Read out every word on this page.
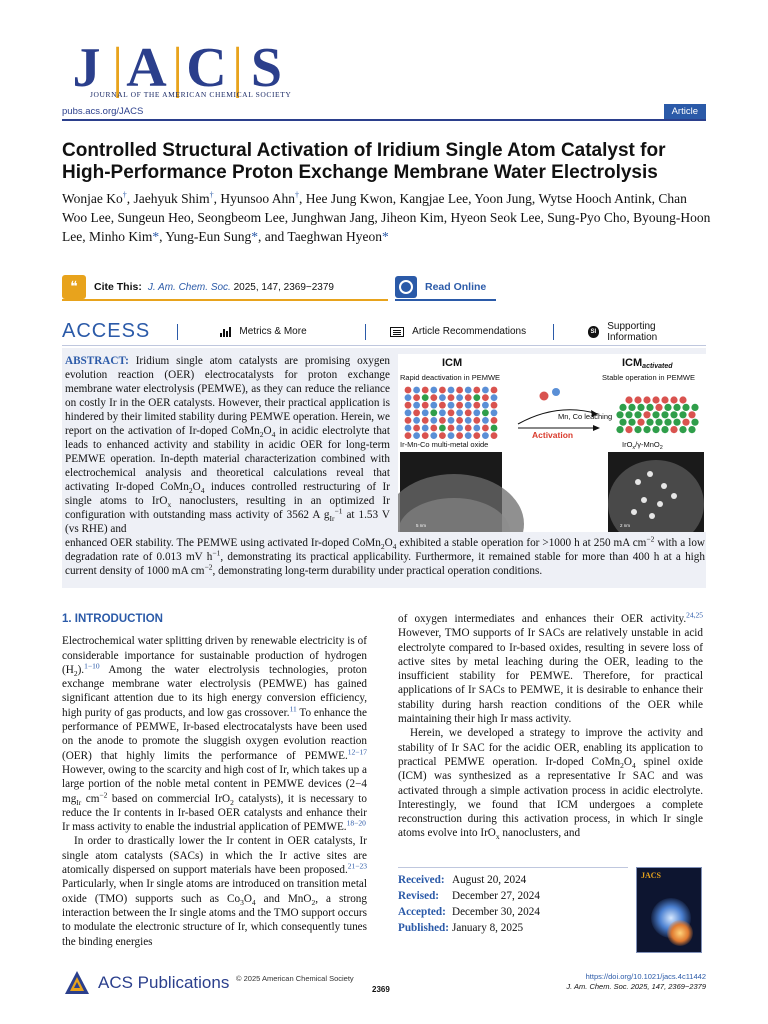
J | A | C | S
JOURNAL OF THE AMERICAN CHEMICAL SOCIETY
pubs.acs.org/JACS	Article
Controlled Structural Activation of Iridium Single Atom Catalyst for High-Performance Proton Exchange Membrane Water Electrolysis
Wonjae Ko†, Jaehyuk Shim†, Hyunsoo Ahn†, Hee Jung Kwon, Kangjae Lee, Yoon Jung, Wytse Hooch Antink, Chan Woo Lee, Sungeun Heo, Seongbeom Lee, Junghwan Jang, Jiheon Kim, Hyeon Seok Lee, Sung-Pyo Cho, Byoung-Hoon Lee, Minho Kim*, Yung-Eun Sung*, and Taeghwan Hyeon*
❝	Cite This: J. Am. Chem. Soc. 2025, 147, 2369−2379	Read Online
ACCESS	Metrics & More	Article Recommendations	SI	Supporting Information
ABSTRACT: Iridium single atom catalysts are promising oxygen evolution reaction (OER) electrocatalysts for proton exchange membrane water electrolysis (PEMWE), as they can reduce the reliance on costly Ir in the OER catalysts. However, their practical application is hindered by their limited stability during PEMWE operation. Herein, we report on the activation of Ir-doped $CoMn_2O_4$ in acidic electrolyte that leads to enhanced activity and stability in acidic OER for long-term PEMWE operation. In-depth material characterization combined with electrochemical analysis and theoretical calculations reveal that activating Ir-doped $CoMn_2O_4$ induces controlled restructuring of Ir single atoms to IrO$_x$ nanoclusters, resulting in an optimized Ir configuration with outstanding mass activity of 3562 A $g_{Ir}^{-1}$ at 1.53 V (vs RHE) and
ICM
Rapid deactivation in PEMWE
ICMactivated
Stable operation in PEMWE
Mn, Co leaching
Activation
Ir-Mn-Co multi-metal oxide	IrO$_x$/γ-MnO$_2$
5 nm	2 nm
enhanced OER stability. The PEMWE using activated Ir-doped $CoMn_2O_4$ exhibited a stable operation for >1000 h at 250 mA $cm^{-2}$ with a low degradation rate of 0.013 mV $h^{-1}$, demonstrating its practical applicability. Furthermore, it remained stable for more than 400 h at a high current density of 1000 mA $cm^{-2}$, demonstrating long-term durability under practical operation conditions.
1. INTRODUCTION

Electrochemical water splitting driven by renewable electricity is of considerable importance for sustainable production of hydrogen $(H_2).^{1-10}$ Among the water electrolysis technologies, proton exchange membrane water electrolysis (PEMWE) has gained significant attention due to its high energy conversion efficiency, high purity of gas products, and low gas crossover.$^{11}$ To enhance the performance of PEMWE, Ir-based electrocatalysts have been used on the anode to promote the sluggish oxygen evolution reaction (OER) that highly limits the performance of PEMWE.$^{12-17}$ However, owing to the scarcity and high cost of Ir, which takes up a large portion of the noble metal content in PEMWE devices (2−4 $mg_{Ir}$ $cm^{-2}$ based on commercial IrO$_2$ catalysts), it is necessary to reduce the Ir contents in Ir-based OER catalysts and enhance their Ir mass activity to enable the industrial application of PEMWE.$^{18-20}$

In order to drastically lower the Ir content in OER catalysts, Ir single atom catalysts (SACs) in which the Ir active sites are atomically dispersed on support materials have been proposed.$^{21-23}$ Particularly, when Ir single atoms are introduced on transition metal oxide (TMO) supports such as $Co_3O_4$ and MnO$_2$, a strong interaction between the Ir single atoms and the TMO support occurs to modulate the electronic structure of Ir, which consequently tunes the binding energies

of oxygen intermediates and enhances their OER activity.$^{24,25}$ However, TMO supports of Ir SACs are relatively unstable in acid electrolyte compared to Ir-based oxides, resulting in severe loss of active sites by metal leaching during the OER, leading to the insufficient stability for PEMWE. Therefore, for practical applications of Ir SACs to PEMWE, it is desirable to enhance their stability during harsh reaction conditions of the OER while maintaining their high Ir mass activity.

Herein, we developed a strategy to improve the activity and stability of Ir SAC for the acidic OER, enabling its application to practical PEMWE operation. Ir-doped $CoMn_2O_4$ spinel oxide (ICM) was synthesized as a representative Ir SAC and was activated through a simple activation process in acidic electrolyte. Interestingly, we found that ICM undergoes a complete reconstruction during this activation process, in which Ir single atoms evolve into IrO$_x$ nanoclusters, and

Received: August 20, 2024
Revised:	December 27, 2024
Accepted: December 30, 2024
Published: January 8, 2025
JACS
ACS Publications © 2025 American Chemical Society
2369
https://doi.org/10.1021/jacs.4c11442
J. Am. Chem. Soc. 2025, 147, 2369−2379
